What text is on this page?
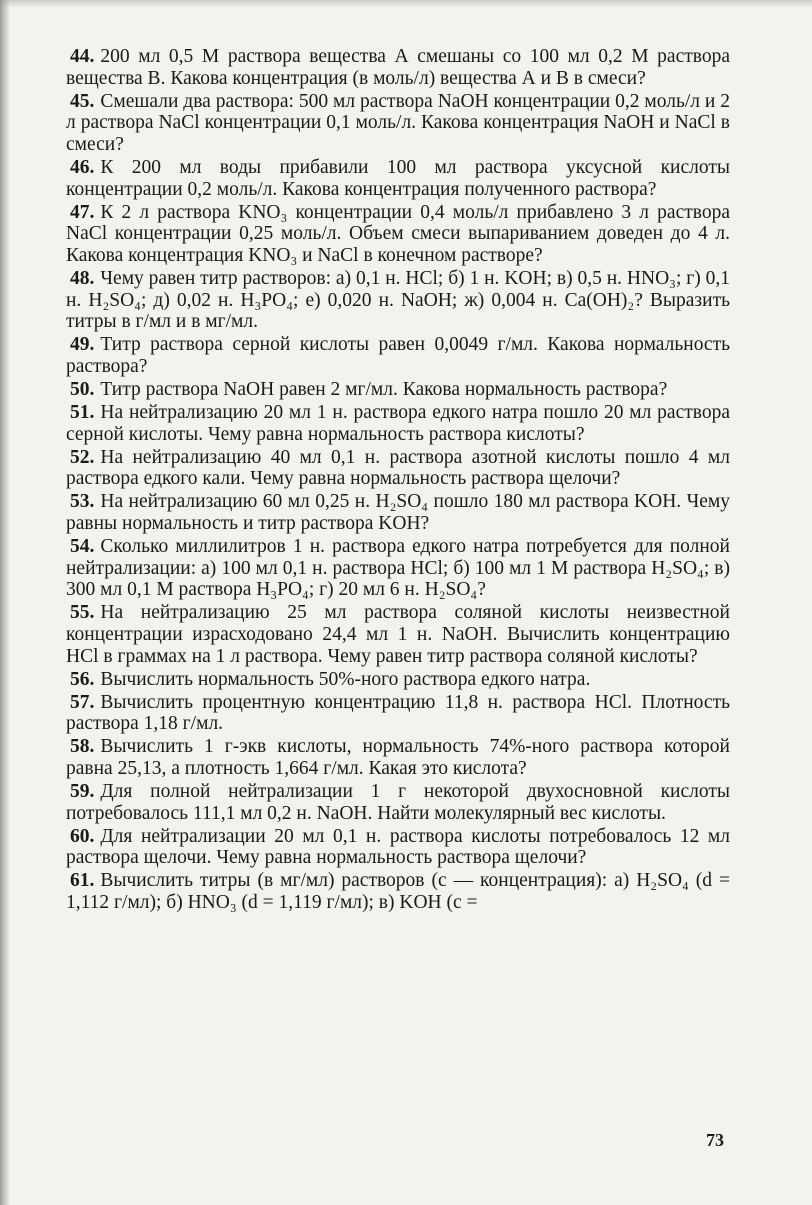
44. 200 мл 0,5 М раствора вещества А смешаны со 100 мл 0,2 М раствора вещества В. Какова концентрация (в моль/л) вещества А и В в смеси?

45. Смешали два раствора: 500 мл раствора NaOH концентрации 0,2 моль/л и 2 л раствора NaCl концентрации 0,1 моль/л. Какова концентрация NaOH и NaCl в смеси?

46. К 200 мл воды прибавили 100 мл раствора уксусной кислоты концентрации 0,2 моль/л. Какова концентрация полученного раствора?

47. К 2 л раствора KNO₃ концентрации 0,4 моль/л прибавлено 3 л раствора NaCl концентрации 0,25 моль/л. Объем смеси выпариванием доведен до 4 л. Какова концентрация KNO₃ и NaCl в конечном растворе?

48. Чему равен титр растворов: а) 0,1 н. HCl; б) 1 н. KOH; в) 0,5 н. HNO₃; г) 0,1 н. H₂SO₄; д) 0,02 н. H₃PO₄; е) 0,020 н. NaOH; ж) 0,004 н. Ca(OH)₂? Выразить титры в г/мл и в мг/мл.

49. Титр раствора серной кислоты равен 0,0049 г/мл. Какова нормальность раствора?

50. Титр раствора NaOH равен 2 мг/мл. Какова нормальность раствора?

51. На нейтрализацию 20 мл 1 н. раствора едкого натра пошло 20 мл раствора серной кислоты. Чему равна нормальность раствора кислоты?

52. На нейтрализацию 40 мл 0,1 н. раствора азотной кислоты пошло 4 мл раствора едкого кали. Чему равна нормальность раствора щелочи?

53. На нейтрализацию 60 мл 0,25 н. H₂SO₄ пошло 180 мл раствора KOH. Чему равны нормальность и титр раствора KOH?

54. Сколько миллилитров 1 н. раствора едкого натра потребуется для полной нейтрализации: а) 100 мл 0,1 н. раствора HCl; б) 100 мл 1 М раствора H₂SO₄; в) 300 мл 0,1 М раствора H₃PO₄; г) 20 мл 6 н. H₂SO₄?

55. На нейтрализацию 25 мл раствора соляной кислоты неизвестной концентрации израсходовано 24,4 мл 1 н. NaOH. Вычислить концентрацию HCl в граммах на 1 л раствора. Чему равен титр раствора соляной кислоты?

56. Вычислить нормальность 50%-ного раствора едкого натра.

57. Вычислить процентную концентрацию 11,8 н. раствора HCl. Плотность раствора 1,18 г/мл.

58. Вычислить 1 г-экв кислоты, нормальность 74%-ного раствора которой равна 25,13, а плотность 1,664 г/мл. Какая это кислота?

59. Для полной нейтрализации 1 г некоторой двухосновной кислоты потребовалось 111,1 мл 0,2 н. NaOH. Найти молекулярный вес кислоты.

60. Для нейтрализации 20 мл 0,1 н. раствора кислоты потребовалось 12 мл раствора щелочи. Чему равна нормальность раствора щелочи?

61. Вычислить титры (в мг/мл) растворов (с — концентрация): а) H₂SO₄ (d = 1,112 г/мл); б) HNO₃ (d = 1,119 г/мл); в) KOH (с =

73
